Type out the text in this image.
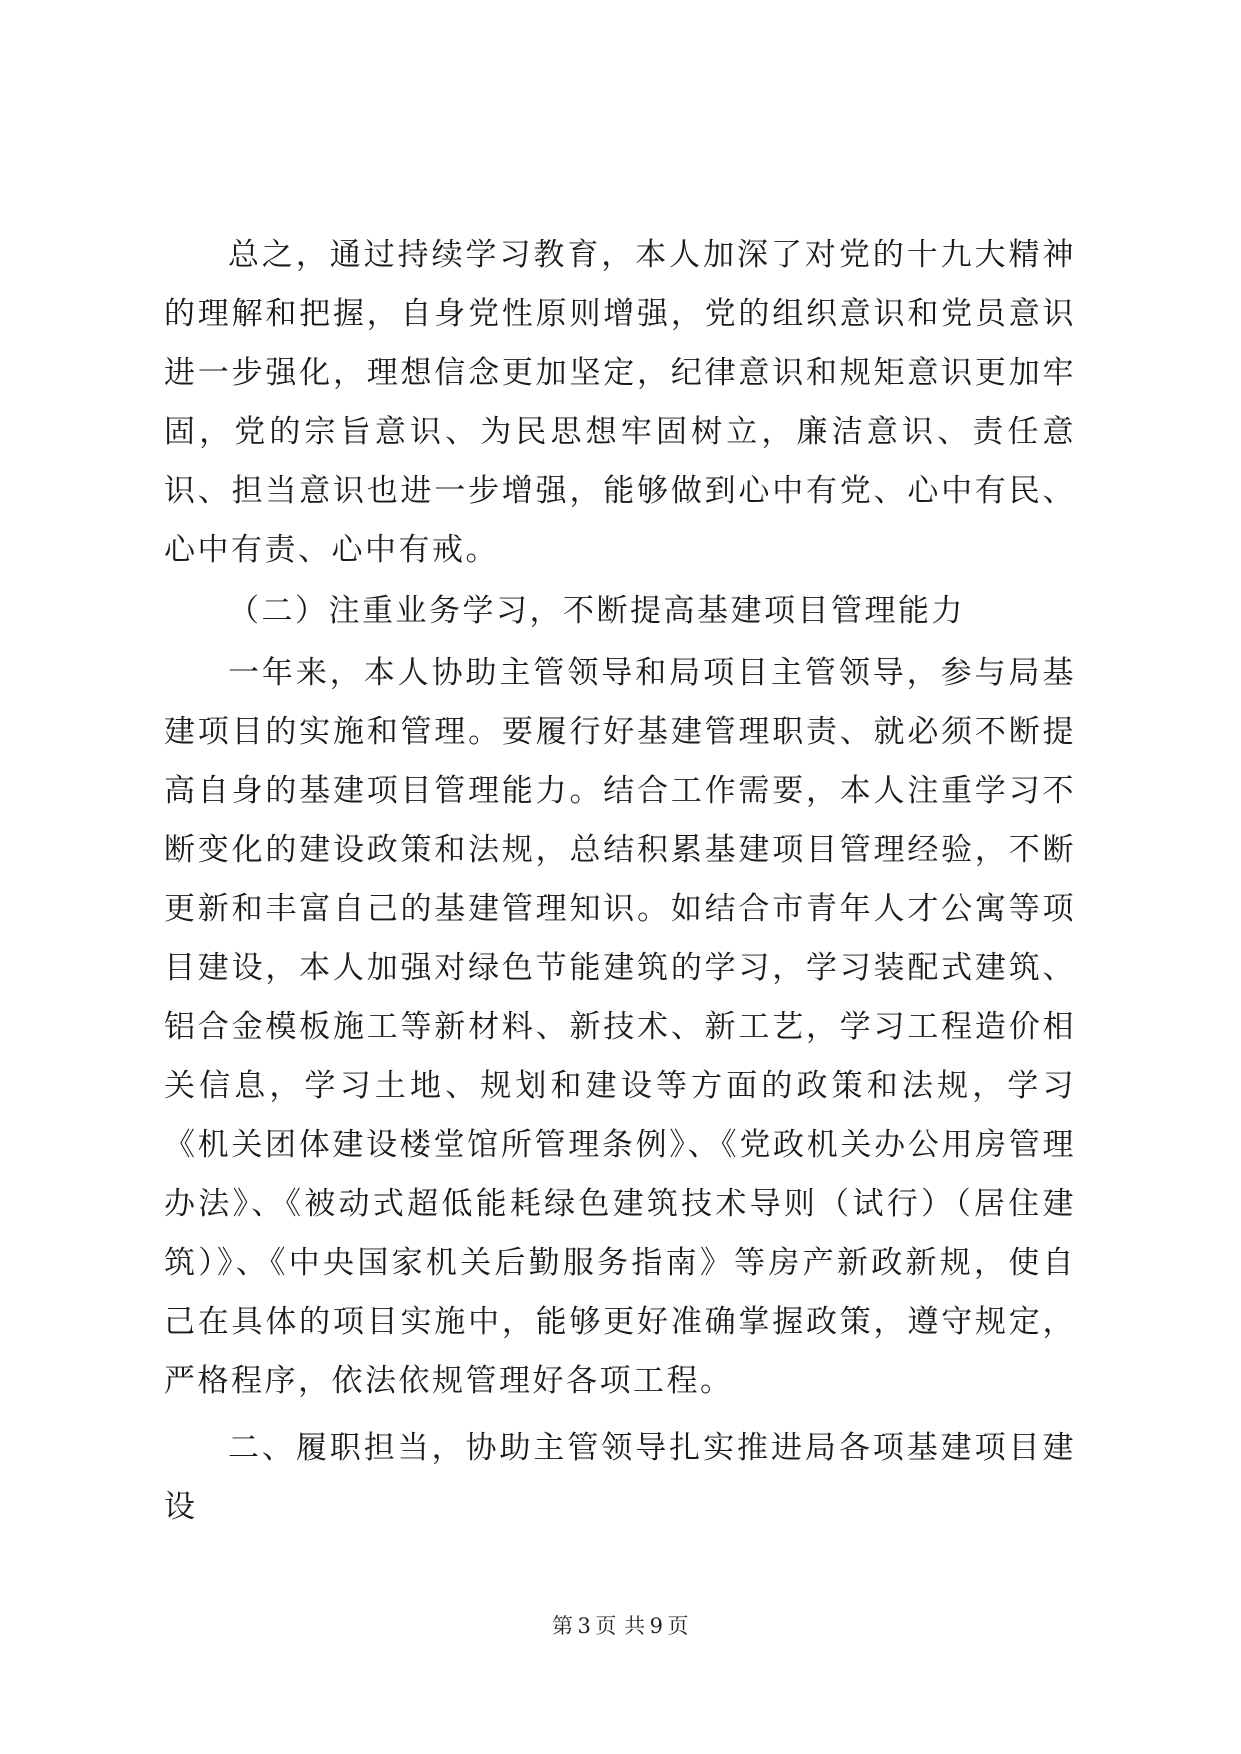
总之，通过持续学习教育，本人加深了对党的十九大精神的理解和把握，自身党性原则增强，党的组织意识和党员意识进一步强化，理想信念更加坚定，纪律意识和规矩意识更加牢固，党的宗旨意识、为民思想牢固树立，廉洁意识、责任意识、担当意识也进一步增强，能够做到心中有党、心中有民、心中有责、心中有戒。

（二）注重业务学习，不断提高基建项目管理能力

一年来，本人协助主管领导和局项目主管领导，参与局基建项目的实施和管理。要履行好基建管理职责、就必须不断提高自身的基建项目管理能力。结合工作需要，本人注重学习不断变化的建设政策和法规，总结积累基建项目管理经验，不断更新和丰富自己的基建管理知识。如结合市青年人才公寓等项目建设，本人加强对绿色节能建筑的学习，学习装配式建筑、铝合金模板施工等新材料、新技术、新工艺，学习工程造价相关信息，学习土地、规划和建设等方面的政策和法规，学习《机关团体建设楼堂馆所管理条例》、《党政机关办公用房管理办法》、《被动式超低能耗绿色建筑技术导则（试行）（居住建筑）》、《中央国家机关后勤服务指南》等房产新政新规，使自己在具体的项目实施中，能够更好准确掌握政策，遵守规定，严格程序，依法依规管理好各项工程。

二、履职担当，协助主管领导扎实推进局各项基建项目建设

第 3 页 共 9 页
